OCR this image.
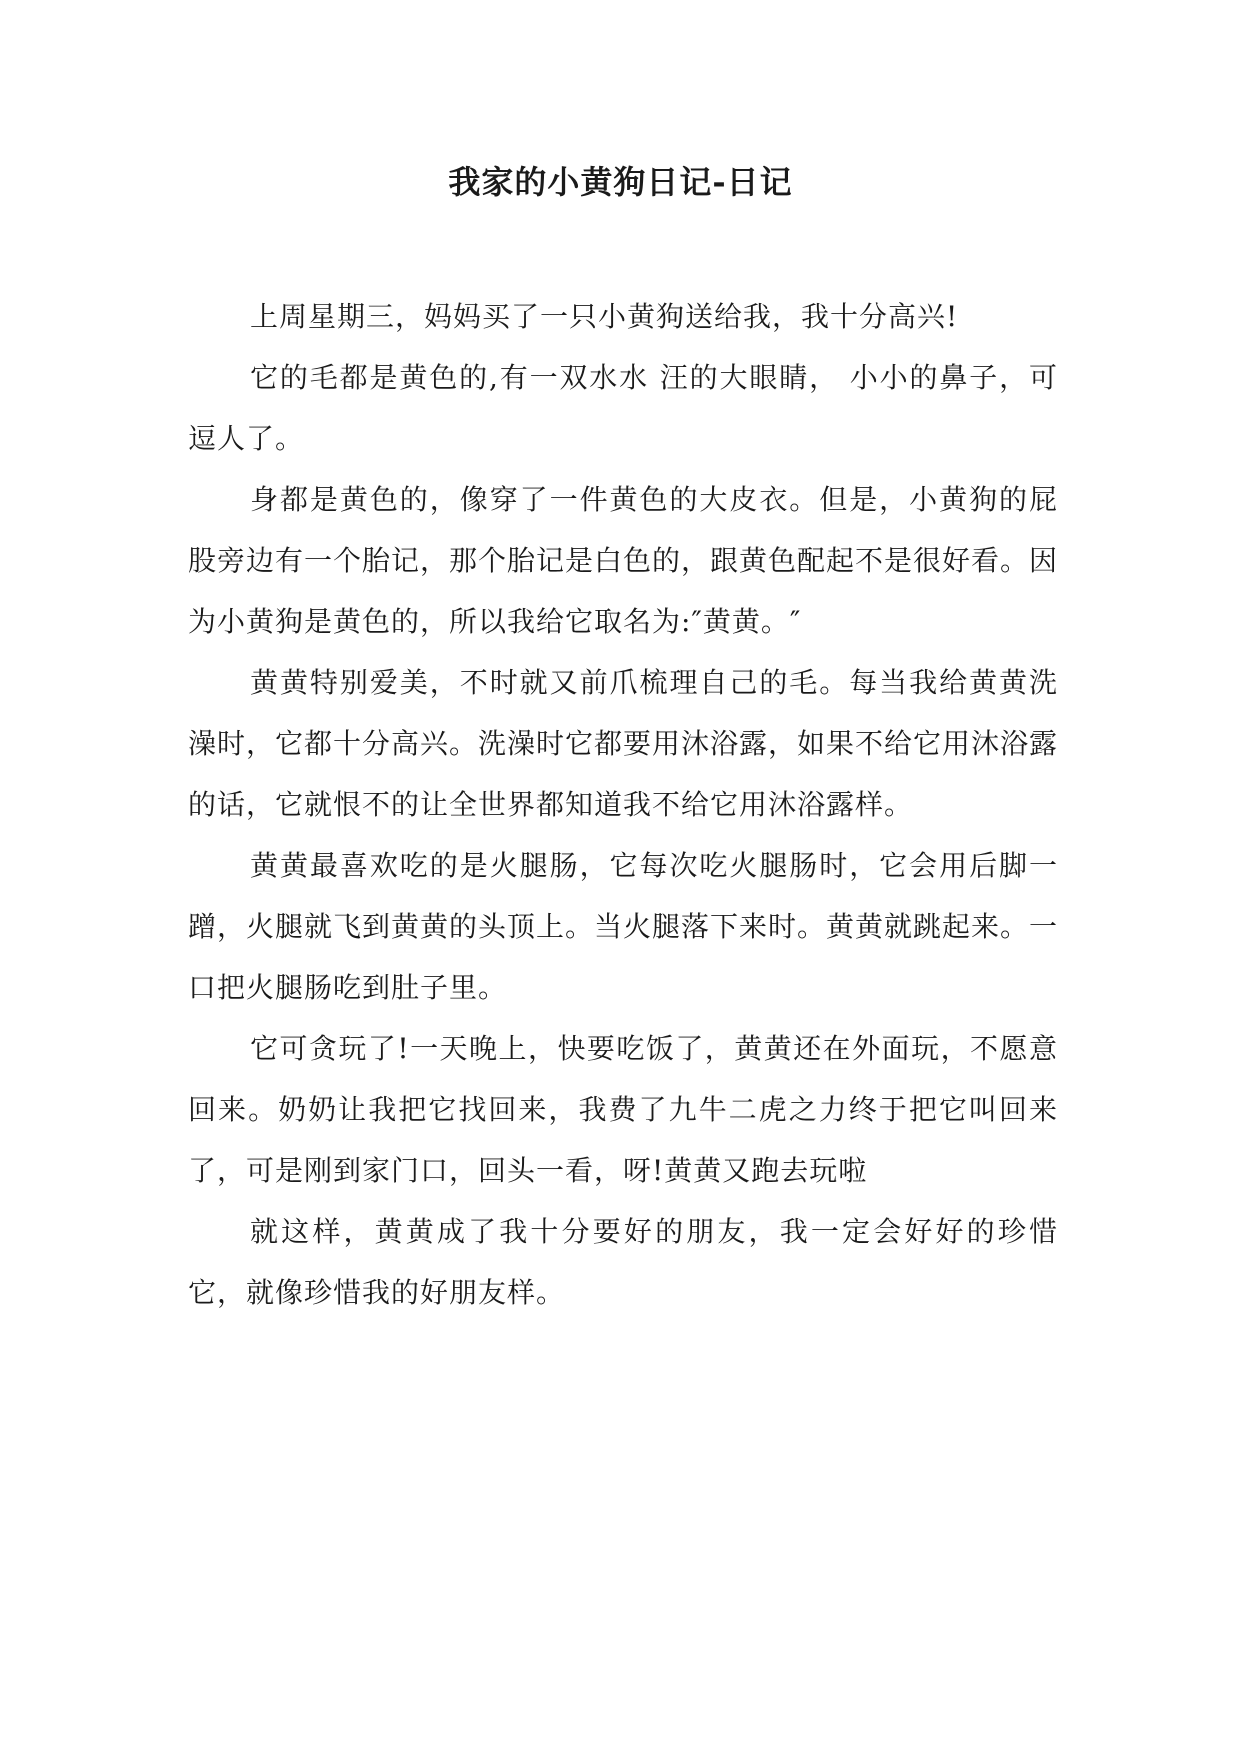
我家的小黄狗日记-日记

上周星期三，妈妈买了一只小黄狗送给我，我十分高兴!

它的毛都是黄色的,有一双水水 汪的大眼睛， 小小的鼻子，可逗人了。

身都是黄色的，像穿了一件黄色的大皮衣。但是，小黄狗的屁股旁边有一个胎记，那个胎记是白色的，跟黄色配起不是很好看。因为小黄狗是黄色的，所以我给它取名为:″黄黄。″

黄黄特别爱美，不时就又前爪梳理自己的毛。每当我给黄黄洗澡时，它都十分高兴。洗澡时它都要用沐浴露，如果不给它用沐浴露的话，它就恨不的让全世界都知道我不给它用沐浴露样。

黄黄最喜欢吃的是火腿肠，它每次吃火腿肠时，它会用后脚一蹭，火腿就飞到黄黄的头顶上。当火腿落下来时。黄黄就跳起来。一口把火腿肠吃到肚子里。

它可贪玩了!一天晚上，快要吃饭了，黄黄还在外面玩，不愿意回来。奶奶让我把它找回来，我费了九牛二虎之力终于把它叫回来了，可是刚到家门口，回头一看，呀!黄黄又跑去玩啦

就这样，黄黄成了我十分要好的朋友，我一定会好好的珍惜它，就像珍惜我的好朋友样。
